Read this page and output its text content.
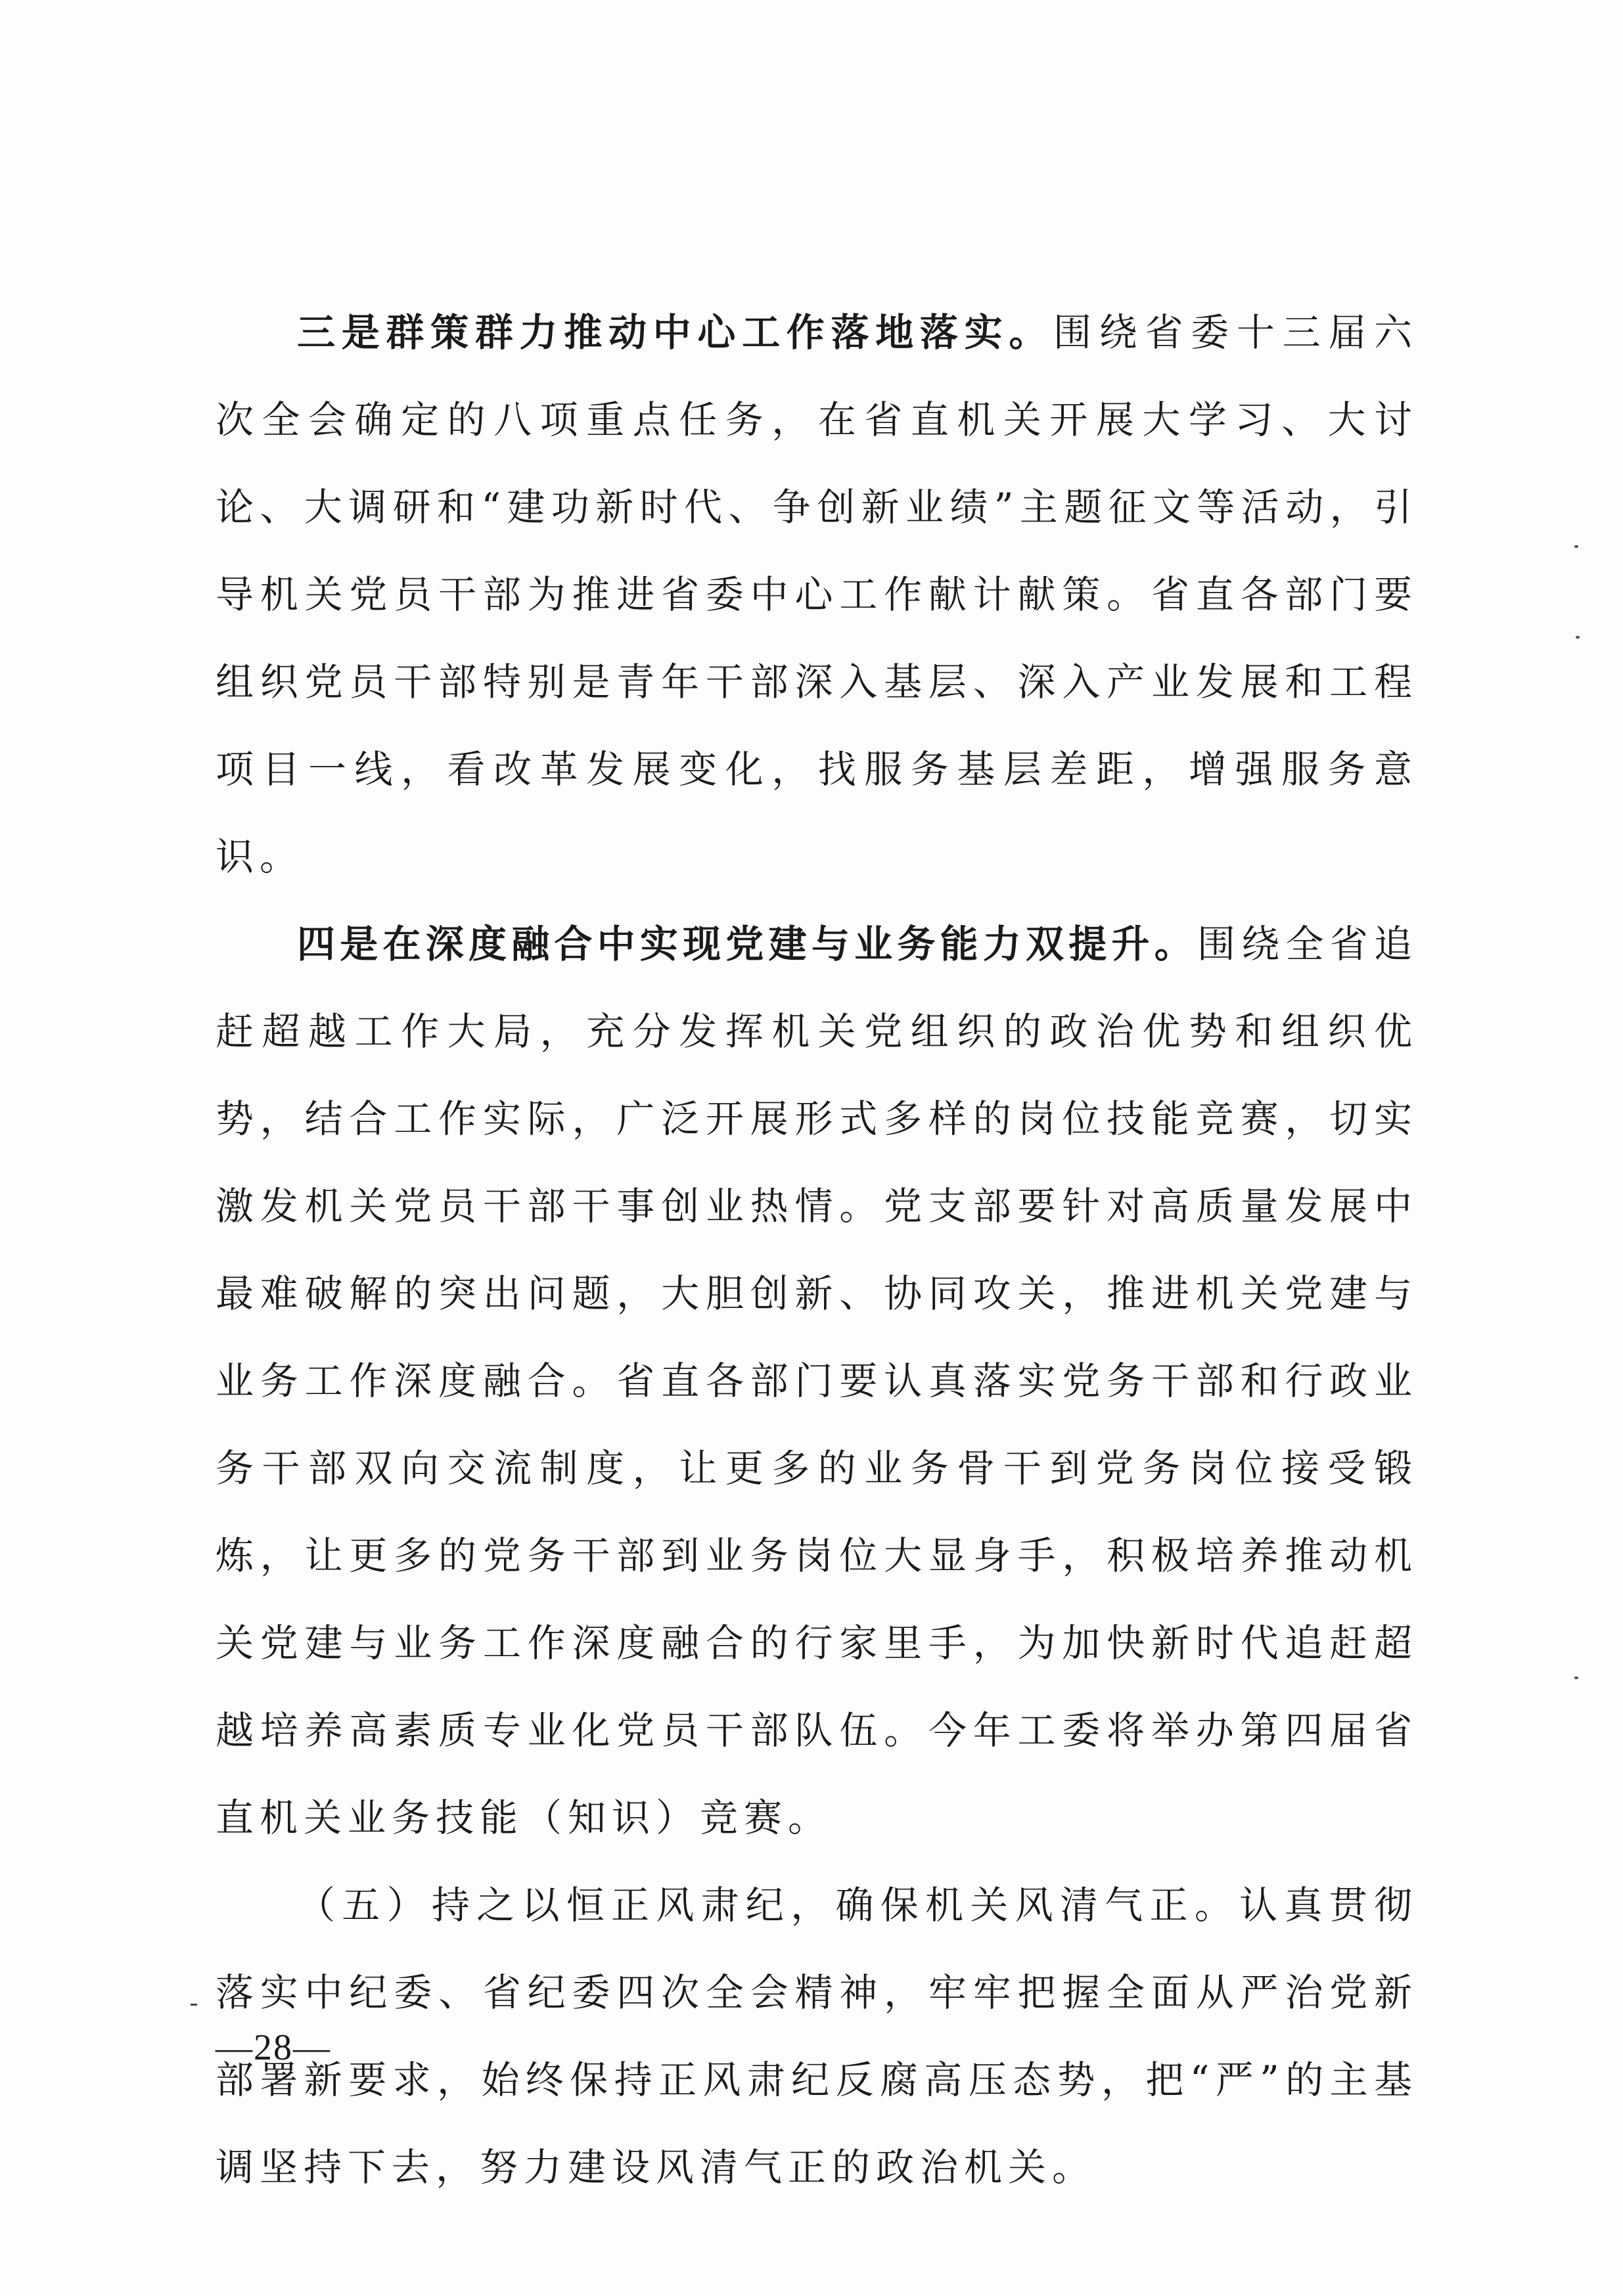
三是群策群力推动中心工作落地落实。围绕省委十三届六次全会确定的八项重点任务，在省直机关开展大学习、大讨论、大调研和“建功新时代、争创新业绩”主题征文等活动，引导机关党员干部为推进省委中心工作献计献策。省直各部门要组织党员干部特别是青年干部深入基层、深入产业发展和工程项目一线，看改革发展变化，找服务基层差距，增强服务意识。

四是在深度融合中实现党建与业务能力双提升。围绕全省追赶超越工作大局，充分发挥机关党组织的政治优势和组织优势，结合工作实际，广泛开展形式多样的岗位技能竞赛，切实激发机关党员干部干事创业热情。党支部要针对高质量发展中最难破解的突出问题，大胆创新、协同攻关，推进机关党建与业务工作深度融合。省直各部门要认真落实党务干部和行政业务干部双向交流制度，让更多的业务骨干到党务岗位接受锻炼，让更多的党务干部到业务岗位大显身手，积极培养推动机关党建与业务工作深度融合的行家里手，为加快新时代追赶超越培养高素质专业化党员干部队伍。今年工委将举办第四届省直机关业务技能（知识）竞赛。

（五）持之以恒正风肃纪，确保机关风清气正。认真贯彻落实中纪委、省纪委四次全会精神，牢牢把握全面从严治党新部署新要求，始终保持正风肃纪反腐高压态势，把“严”的主基调坚持下去，努力建设风清气正的政治机关。

—28—
